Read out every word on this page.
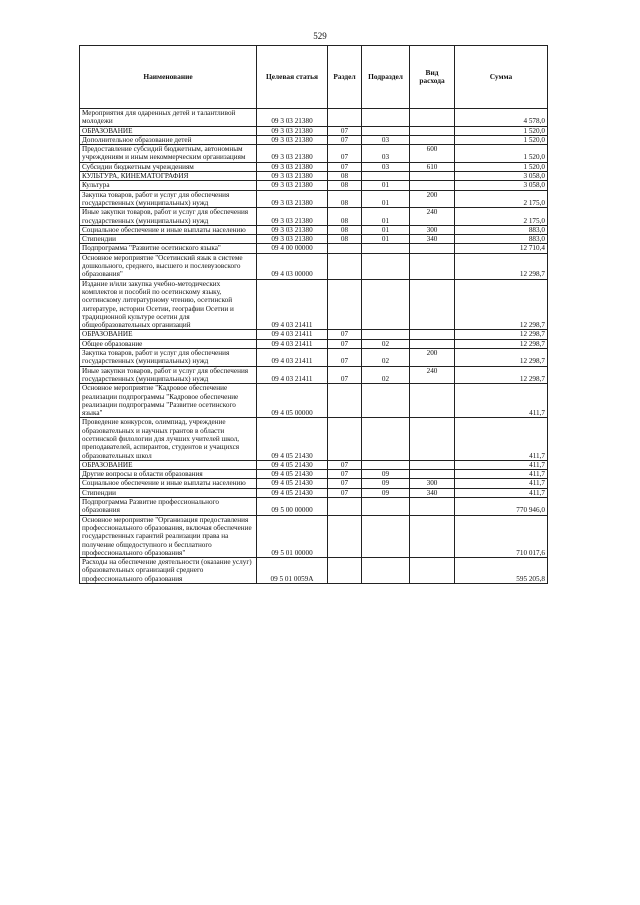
529
Наименование	Целевая статья	Раздел	Подраздел	Вид расхода	Сумма
Мероприятия для одаренных детей и талантливой молодежи	09 3 03 21380				4 578,0
ОБРАЗОВАНИЕ	09 3 03 21380	07			1 520,0
Дополнительное образование детей	09 3 03 21380	07	03		1 520,0
Предоставление субсидий бюджетным, автономным учреждениям и иным некоммерческим организациям	09 3 03 21380	07	03	600	1 520,0
Субсидии бюджетным учреждениям	09 3 03 21380	07	03	610	1 520,0
КУЛЬТУРА, КИНЕМАТОГРАФИЯ	09 3 03 21380	08			3 058,0
Культура	09 3 03 21380	08	01		3 058,0
Закупка товаров, работ и услуг для обеспечения государственных (муниципальных) нужд	09 3 03 21380	08	01	200	2 175,0
Иные закупки товаров, работ и услуг для обеспечения государственных (муниципальных) нужд	09 3 03 21380	08	01	240	2 175,0
Социальное обеспечение и иные выплаты населению	09 3 03 21380	08	01	300	883,0
Стипендии	09 3 03 21380	08	01	340	883,0
Подпрограмма "Развитие осетинского языка"	09 4 00 00000				12 710,4
Основное мероприятие "Осетинский язык в системе дошкольного, среднего, высшего и послевузовского образования"	09 4 03 00000				12 298,7
Издание и/или закупка учебно-методических комплектов и пособий по осетинскому языку, осетинскому литературному чтению, осетинской литературе, истории Осетии, географии Осетии и традиционной культуре осетин для общеобразовательных организаций	09 4 03 21411				12 298,7
ОБРАЗОВАНИЕ	09 4 03 21411	07			12 298,7
Общее образование	09 4 03 21411	07	02		12 298,7
Закупка товаров, работ и услуг для обеспечения государственных (муниципальных) нужд	09 4 03 21411	07	02	200	12 298,7
Иные закупки товаров, работ и услуг для обеспечения государственных (муниципальных) нужд	09 4 03 21411	07	02	240	12 298,7
Основное мероприятие "Кадровое обеспечение реализации подпрограммы "Кадровое обеспечение реализации подпрограммы "Развитие осетинского языка"	09 4 05 00000				411,7
Проведение конкурсов, олимпиад, учреждение образовательных и научных грантов в области осетинской филологии для лучших учителей школ, преподавателей, аспирантов, студентов и учащихся образовательных школ	09 4 05 21430				411,7
ОБРАЗОВАНИЕ	09 4 05 21430	07			411,7
Другие вопросы в области образования	09 4 05 21430	07	09		411,7
Социальное обеспечение и иные выплаты населению	09 4 05 21430	07	09	300	411,7
Стипендии	09 4 05 21430	07	09	340	411,7
Подпрограмма Развитие профессионального образования	09 5 00 00000				770 946,0
Основное мероприятие "Организация предоставления профессионального образования, включая обеспечение государственных гарантий реализации права на получение общедоступного и бесплатного профессионального образования"	09 5 01 00000				710 017,6
Расходы на обеспечение деятельности (оказание услуг) образовательных организаций среднего профессионального образования	09 5 01 0059А				595 205,8
